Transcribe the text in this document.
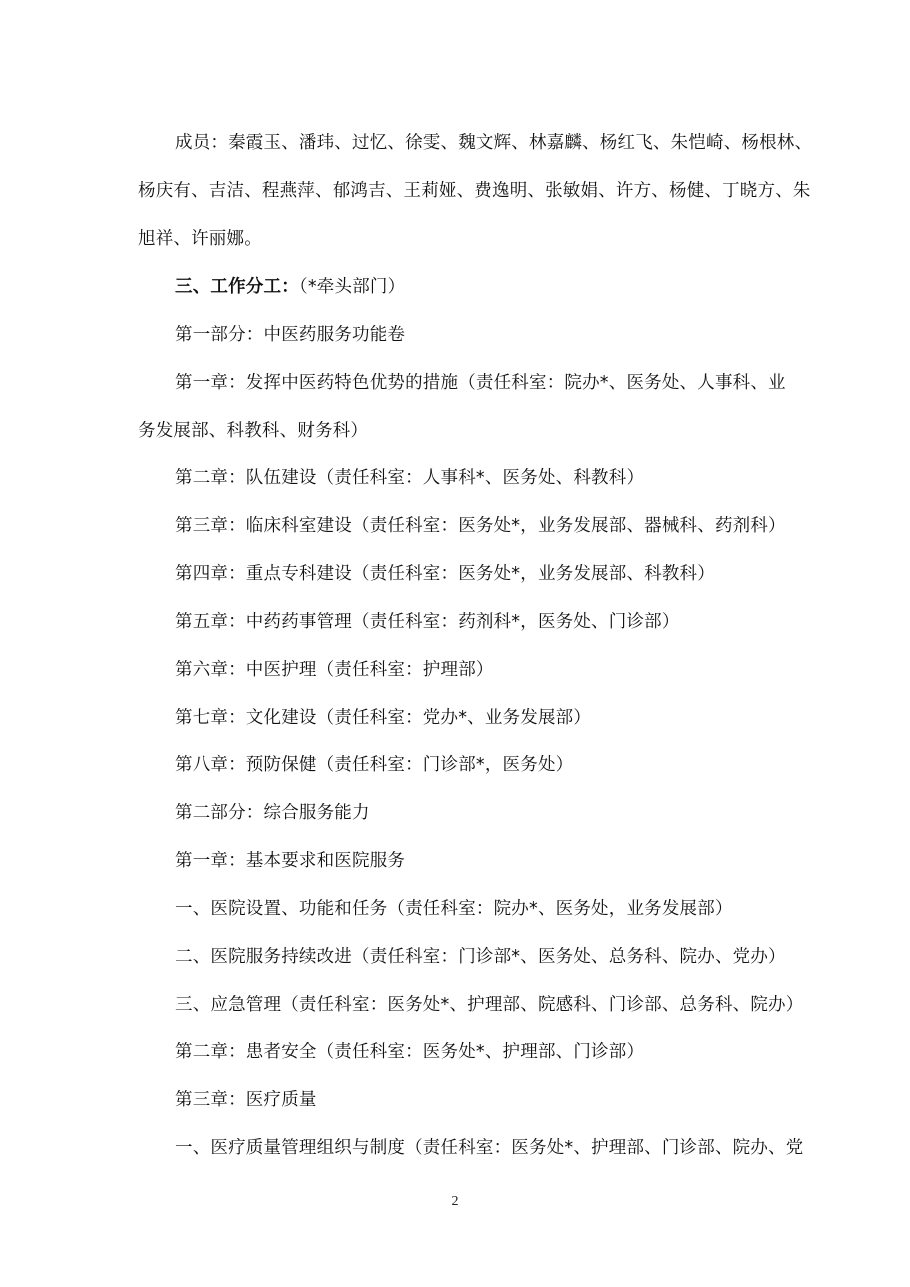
成员：秦霞玉、潘玮、过忆、徐雯、魏文辉、林嘉麟、杨红飞、朱恺崎、杨根林、
杨庆有、吉洁、程燕萍、郁鸿吉、王莉娅、费逸明、张敏娟、许方、杨健、丁晓方、朱
旭祥、许丽娜。
三、工作分工：（*牵头部门）
第一部分：中医药服务功能卷
第一章：发挥中医药特色优势的措施（责任科室：院办*、医务处、人事科、业
务发展部、科教科、财务科）
第二章：队伍建设（责任科室：人事科*、医务处、科教科）
第三章：临床科室建设（责任科室：医务处*，业务发展部、器械科、药剂科）
第四章：重点专科建设（责任科室：医务处*，业务发展部、科教科）
第五章：中药药事管理（责任科室：药剂科*，医务处、门诊部）
第六章：中医护理（责任科室：护理部）
第七章：文化建设（责任科室：党办*、业务发展部）
第八章：预防保健（责任科室：门诊部*，医务处）
第二部分：综合服务能力
第一章：基本要求和医院服务
一、医院设置、功能和任务（责任科室：院办*、医务处，业务发展部）
二、医院服务持续改进（责任科室：门诊部*、医务处、总务科、院办、党办）
三、应急管理（责任科室：医务处*、护理部、院感科、门诊部、总务科、院办）
第二章：患者安全（责任科室：医务处*、护理部、门诊部）
第三章：医疗质量
一、医疗质量管理组织与制度（责任科室：医务处*、护理部、门诊部、院办、党
2
